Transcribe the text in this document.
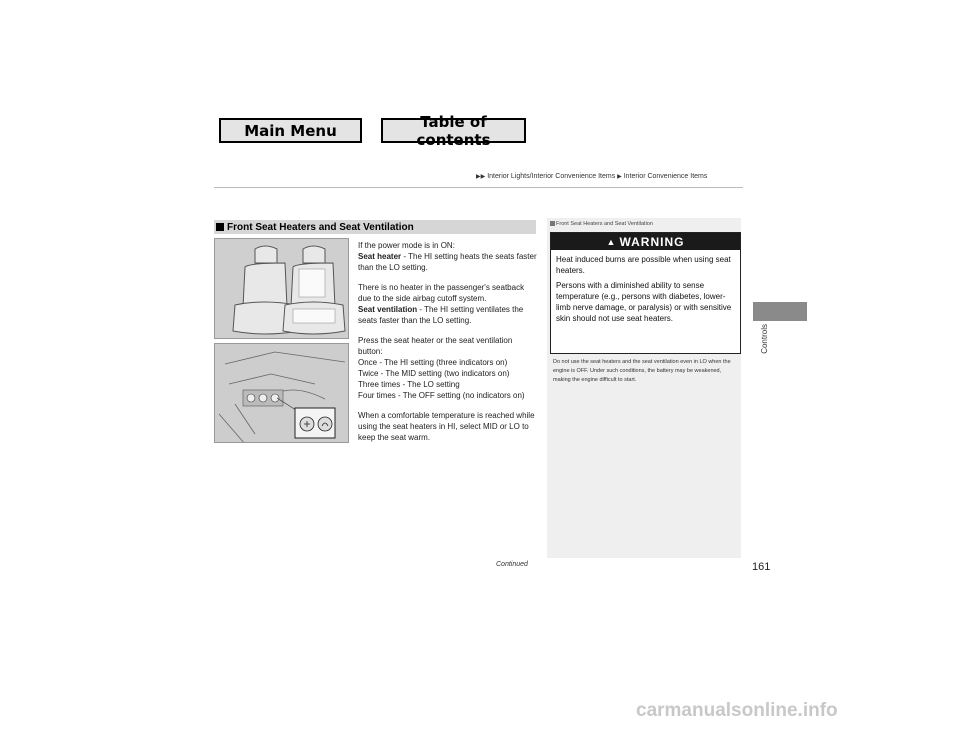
Main Menu	Table of contents
▶▶ Interior Lights/Interior Convenience Items ▶ Interior Convenience Items
Controls
Front Seat Heaters and Seat Ventilation

If the power mode is in ON:
Seat heater - The HI setting heats the seats faster than the LO setting.

There is no heater in the passenger's seatback due to the side airbag cutoff system.
Seat ventilation - The HI setting ventilates the seats faster than the LO setting.

Press the seat heater or the seat ventilation button:
Once - The HI setting (three indicators on)
Twice - The MID setting (two indicators on)
Three times - The LO setting
Four times - The OFF setting (no indicators on)

When a comfortable temperature is reached while using the seat heaters in HI, select MID or LO to keep the seat warm.

Front Seat Heaters and Seat Ventilation
▲ WARNING

Heat induced burns are possible when using seat heaters.

Persons with a diminished ability to sense temperature (e.g., persons with diabetes, lower-limb nerve damage, or paralysis) or with sensitive skin should not use seat heaters.

Do not use the seat heaters and the seat ventilation even in LO when the engine is OFF. Under such conditions, the battery may be weakened, making the engine difficult to start.
Continued	161
carmanualsonline.info
